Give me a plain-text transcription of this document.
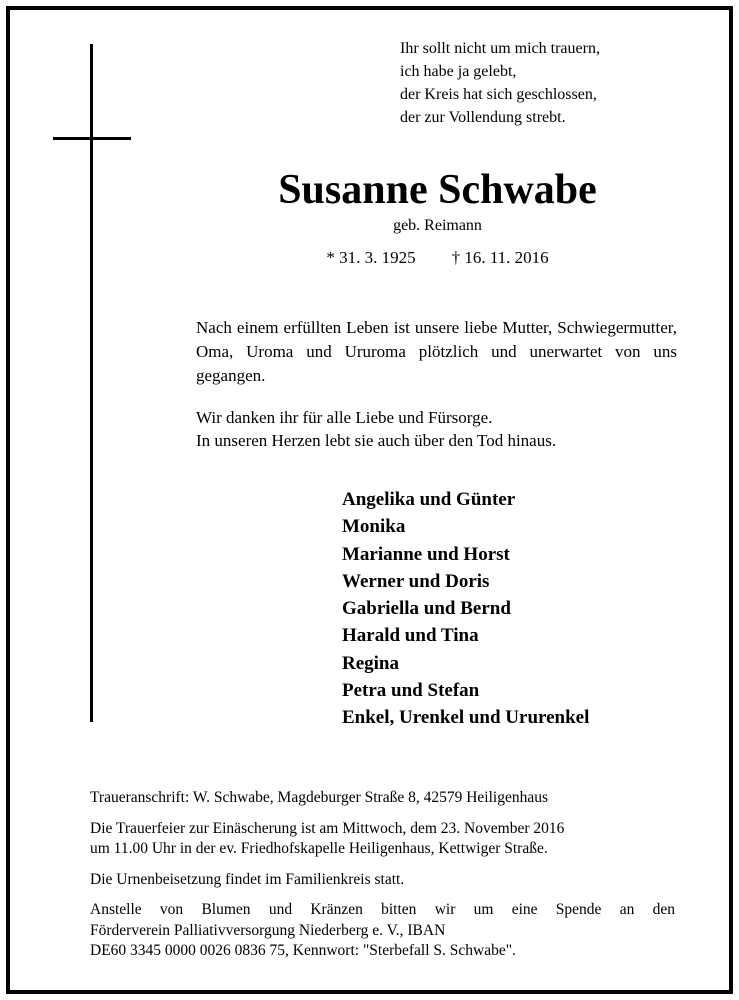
Ihr sollt nicht um mich trauern,
ich habe ja gelebt,
der Kreis hat sich geschlossen,
der zur Vollendung strebt.
Susanne Schwabe
geb. Reimann
* 31. 3. 1925 † 16. 11. 2016

Nach einem erfüllten Leben ist unsere liebe Mutter, Schwiegermutter, Oma, Uroma und Ururoma plötzlich und unerwartet von uns gegangen.

Wir danken ihr für alle Liebe und Fürsorge.
In unseren Herzen lebt sie auch über den Tod hinaus.
Angelika und Günter
Monika
Marianne und Horst
Werner und Doris
Gabriella und Bernd
Harald und Tina
Regina
Petra und Stefan
Enkel, Urenkel und Ururenkel

Traueranschrift: W. Schwabe, Magdeburger Straße 8, 42579 Heiligenhaus

Die Trauerfeier zur Einäscherung ist am Mittwoch, dem 23. November 2016
um 11.00 Uhr in der ev. Friedhofskapelle Heiligenhaus, Kettwiger Straße.

Die Urnenbeisetzung findet im Familienkreis statt.

Anstelle von Blumen und Kränzen bitten wir um eine Spende an den
Förderverein Palliativversorgung Niederberg e. V., IBAN
DE60 3345 0000 0026 0836 75, Kennwort: "Sterbefall S. Schwabe".
